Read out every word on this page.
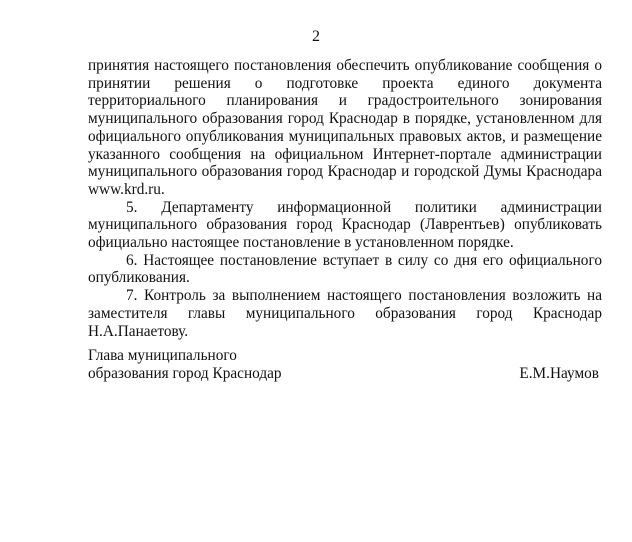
2

принятия настоящего постановления обеспечить опубликование сообщения о принятии решения о подготовке проекта единого документа территориального планирования и градостроительного зонирования муниципального образования город Краснодар в порядке, установленном для официального опубликования муниципальных правовых актов, и размещение указанного сообщения на официальном Интернет-портале администрации муниципального образования город Краснодар и городской Думы Краснодара www.krd.ru.

5. Департаменту информационной политики администрации муниципального образования город Краснодар (Лаврентьев) опубликовать официально настоящее постановление в установленном порядке.

6. Настоящее постановление вступает в силу со дня его официального опубликования.

7. Контроль за выполнением настоящего постановления возложить на заместителя главы муниципального образования город Краснодар Н.А.Панаетову.

Глава муниципального
образования город Краснодар	Е.М.Наумов
